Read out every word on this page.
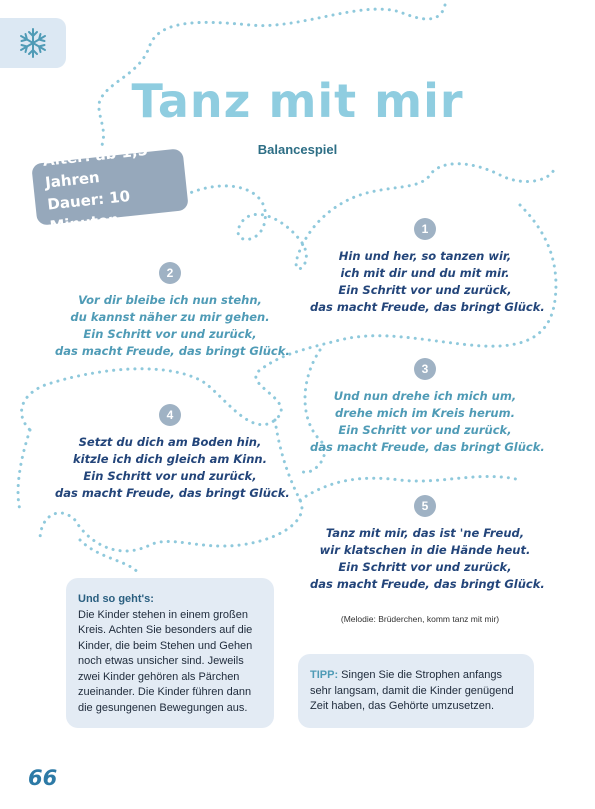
Tanz mit mir
Balancespiel
Alter: ab 1,5 Jahren
Dauer: 10 Minuten	1
Hin und her, so tanzen wir,
ich mit dir und du mit mir.
Ein Schritt vor und zurück,
das macht Freude, das bringt Glück.
2
Vor dir bleibe ich nun stehn,
du kannst näher zu mir gehen.
Ein Schritt vor und zurück,
das macht Freude, das bringt Glück.
3
Und nun drehe ich mich um,
drehe mich im Kreis herum.
Ein Schritt vor und zurück,
das macht Freude, das bringt Glück.
4
Setzt du dich am Boden hin,
kitzle ich dich gleich am Kinn.
Ein Schritt vor und zurück,
das macht Freude, das bringt Glück.
5
Tanz mit mir, das ist 'ne Freud,
wir klatschen in die Hände heut.
Ein Schritt vor und zurück,
das macht Freude, das bringt Glück.
(Melodie: Brüderchen, komm tanz mit mir)
Und so geht's:
Die Kinder stehen in einem großen
Kreis. Achten Sie besonders auf die
Kinder, die beim Stehen und Gehen
noch etwas unsicher sind. Jeweils
zwei Kinder gehören als Pärchen
zueinander. Die Kinder führen dann
die gesungenen Bewegungen aus.
TIPP: Singen Sie die Strophen anfangs
sehr langsam, damit die Kinder genügend
Zeit haben, das Gehörte umzusetzen.
66
